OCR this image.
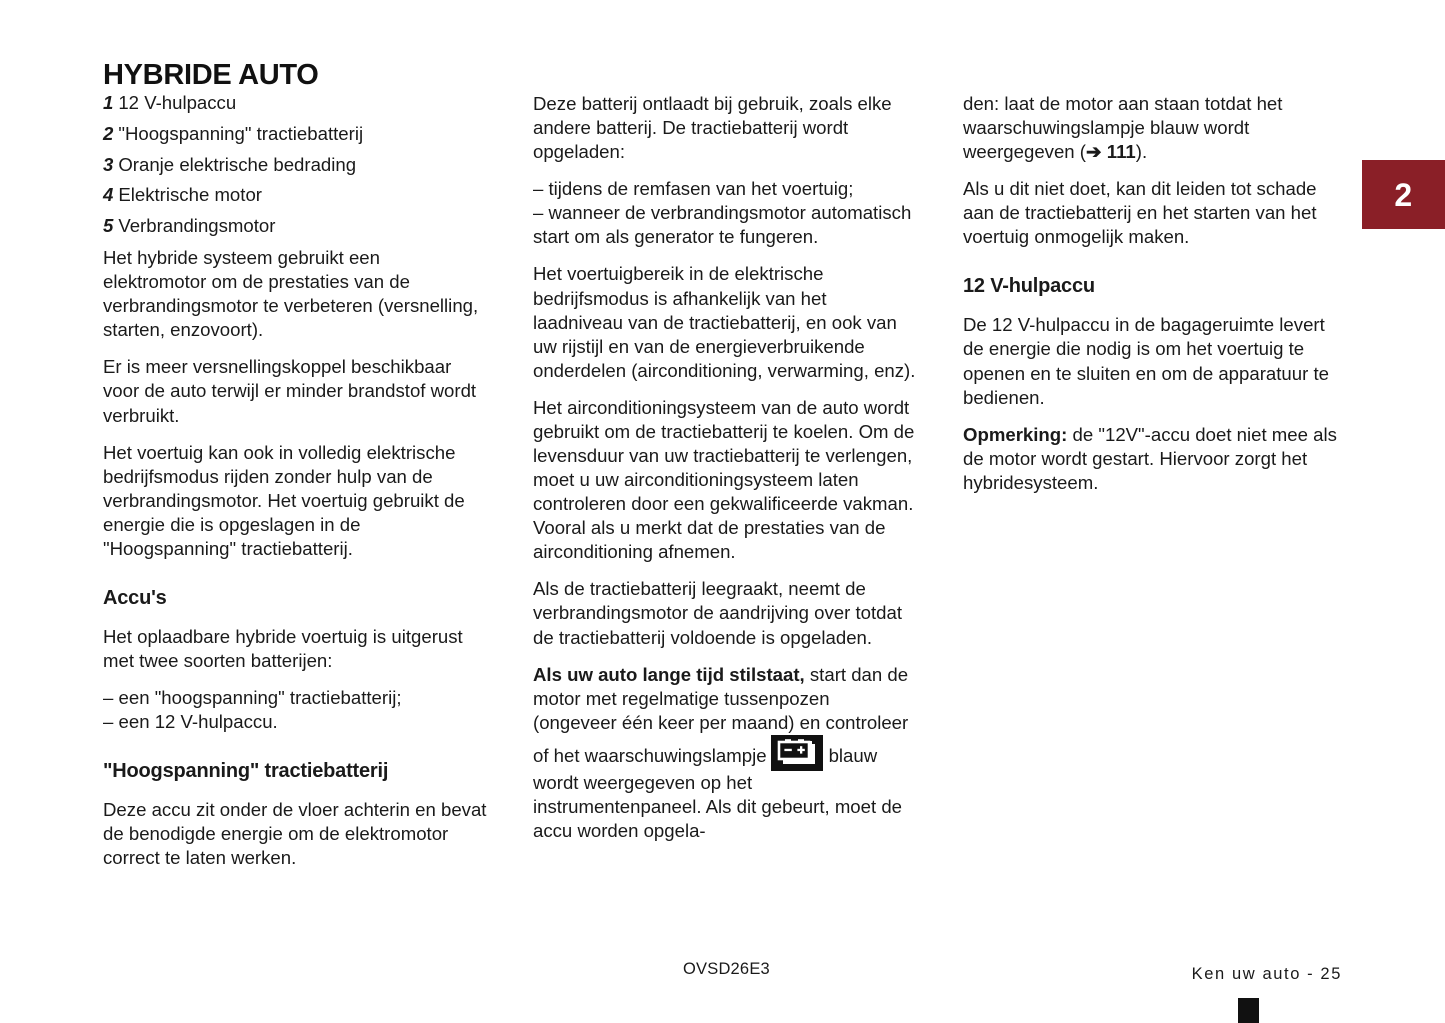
2
HYBRIDE AUTO
1 12 V-hulpaccu
2 "Hoogspanning" tractiebatterij
3 Oranje elektrische bedrading
4 Elektrische motor
5 Verbrandingsmotor

Het hybride systeem gebruikt een elektromotor om de prestaties van de verbrandingsmotor te verbeteren (versnelling, starten, enzovoort).

Er is meer versnellingskoppel beschikbaar voor de auto terwijl er minder brandstof wordt verbruikt.

Het voertuig kan ook in volledig elektrische bedrijfsmodus rijden zonder hulp van de verbrandingsmotor. Het voertuig gebruikt de energie die is opgeslagen in de "Hoogspanning" tractiebatterij.

Accu's

Het oplaadbare hybride voertuig is uitgerust met twee soorten batterijen:

– een "hoogspanning" tractiebatterij;

– een 12 V-hulpaccu.

"Hoogspanning" tractiebatterij

Deze accu zit onder de vloer achterin en bevat de benodigde energie om de elektromotor correct te laten werken.

Deze batterij ontlaadt bij gebruik, zoals elke andere batterij. De tractiebatterij wordt opgeladen:

– tijdens de remfasen van het voertuig;

– wanneer de verbrandingsmotor automatisch start om als generator te fungeren.

Het voertuigbereik in de elektrische bedrijfsmodus is afhankelijk van het laadniveau van de tractiebatterij, en ook van uw rijstijl en van de energieverbruikende onderdelen (airconditioning, verwarming, enz).

Het airconditioningsysteem van de auto wordt gebruikt om de tractiebatterij te koelen. Om de levensduur van uw tractiebatterij te verlengen, moet u uw airconditioningsysteem laten controleren door een gekwalificeerde vakman. Vooral als u merkt dat de prestaties van de airconditioning afnemen.

Als de tractiebatterij leegraakt, neemt de verbrandingsmotor de aandrijving over totdat de tractiebatterij voldoende is opgeladen.

Als uw auto lange tijd stilstaat, start dan de motor met regelmatige tussenpozen (ongeveer één keer per maand) en controleer of het waarschuwingslampje	blauw wordt weergegeven op het instrumentenpaneel. Als dit gebeurt, moet de accu worden opgela-

den: laat de motor aan staan totdat het waarschuwingslampje blauw wordt weergegeven (➔ 111).

Als u dit niet doet, kan dit leiden tot schade aan de tractiebatterij en het starten van het voertuig onmogelijk maken.

12 V-hulpaccu

De 12 V-hulpaccu in de bagageruimte levert de energie die nodig is om het voertuig te openen en te sluiten en om de apparatuur te bedienen.

Opmerking: de "12V"-accu doet niet mee als de motor wordt gestart. Hiervoor zorgt het hybridesysteem.

OVSD26E3	Ken uw auto - 25
